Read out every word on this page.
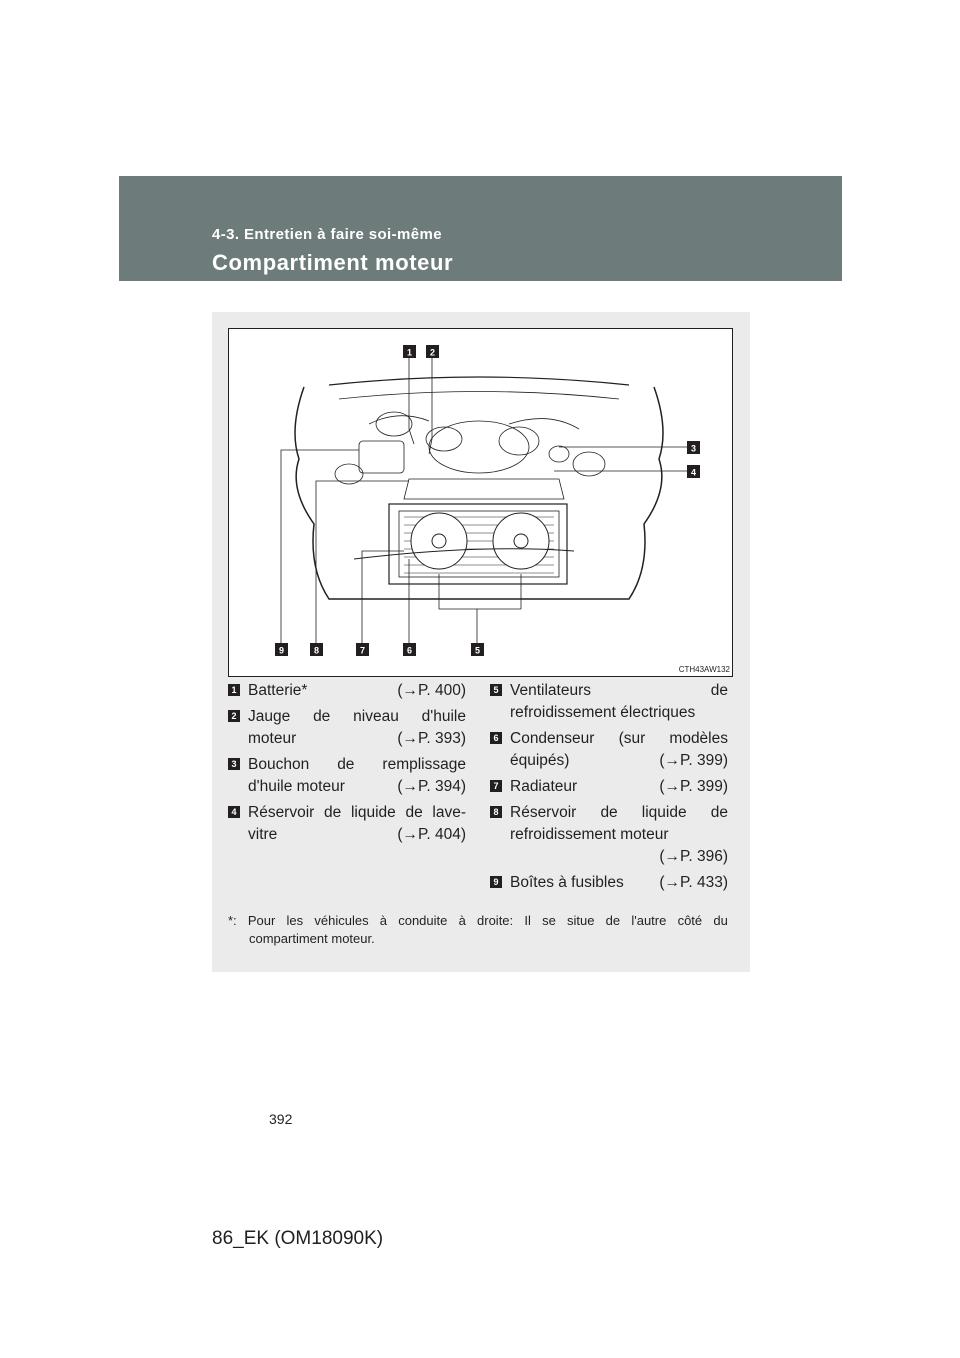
4-3. Entretien à faire soi-même
Compartiment moteur
1 2
3
4
5
6
7
8
9
CTH43AW132
1 Batterie*	(→P. 400)
2 Jauge de niveau d'huile
moteur	(→P. 393)
3 Bouchon de remplissage
d'huile moteur	(→P. 394)
4 Réservoir de liquide de lave-
vitre	(→P. 404)
5 Ventilateurs	de
refroidissement électriques
6 Condenseur (sur modèles
équipés)	(→P. 399)
7 Radiateur	(→P. 399)
8 Réservoir de liquide de
refroidissement moteur
(→P. 396)
9 Boîtes à fusibles (→P. 433)
*: Pour les véhicules à conduite à droite: Il se situe de l'autre côté du
compartiment moteur.
392
86_EK (OM18090K)
